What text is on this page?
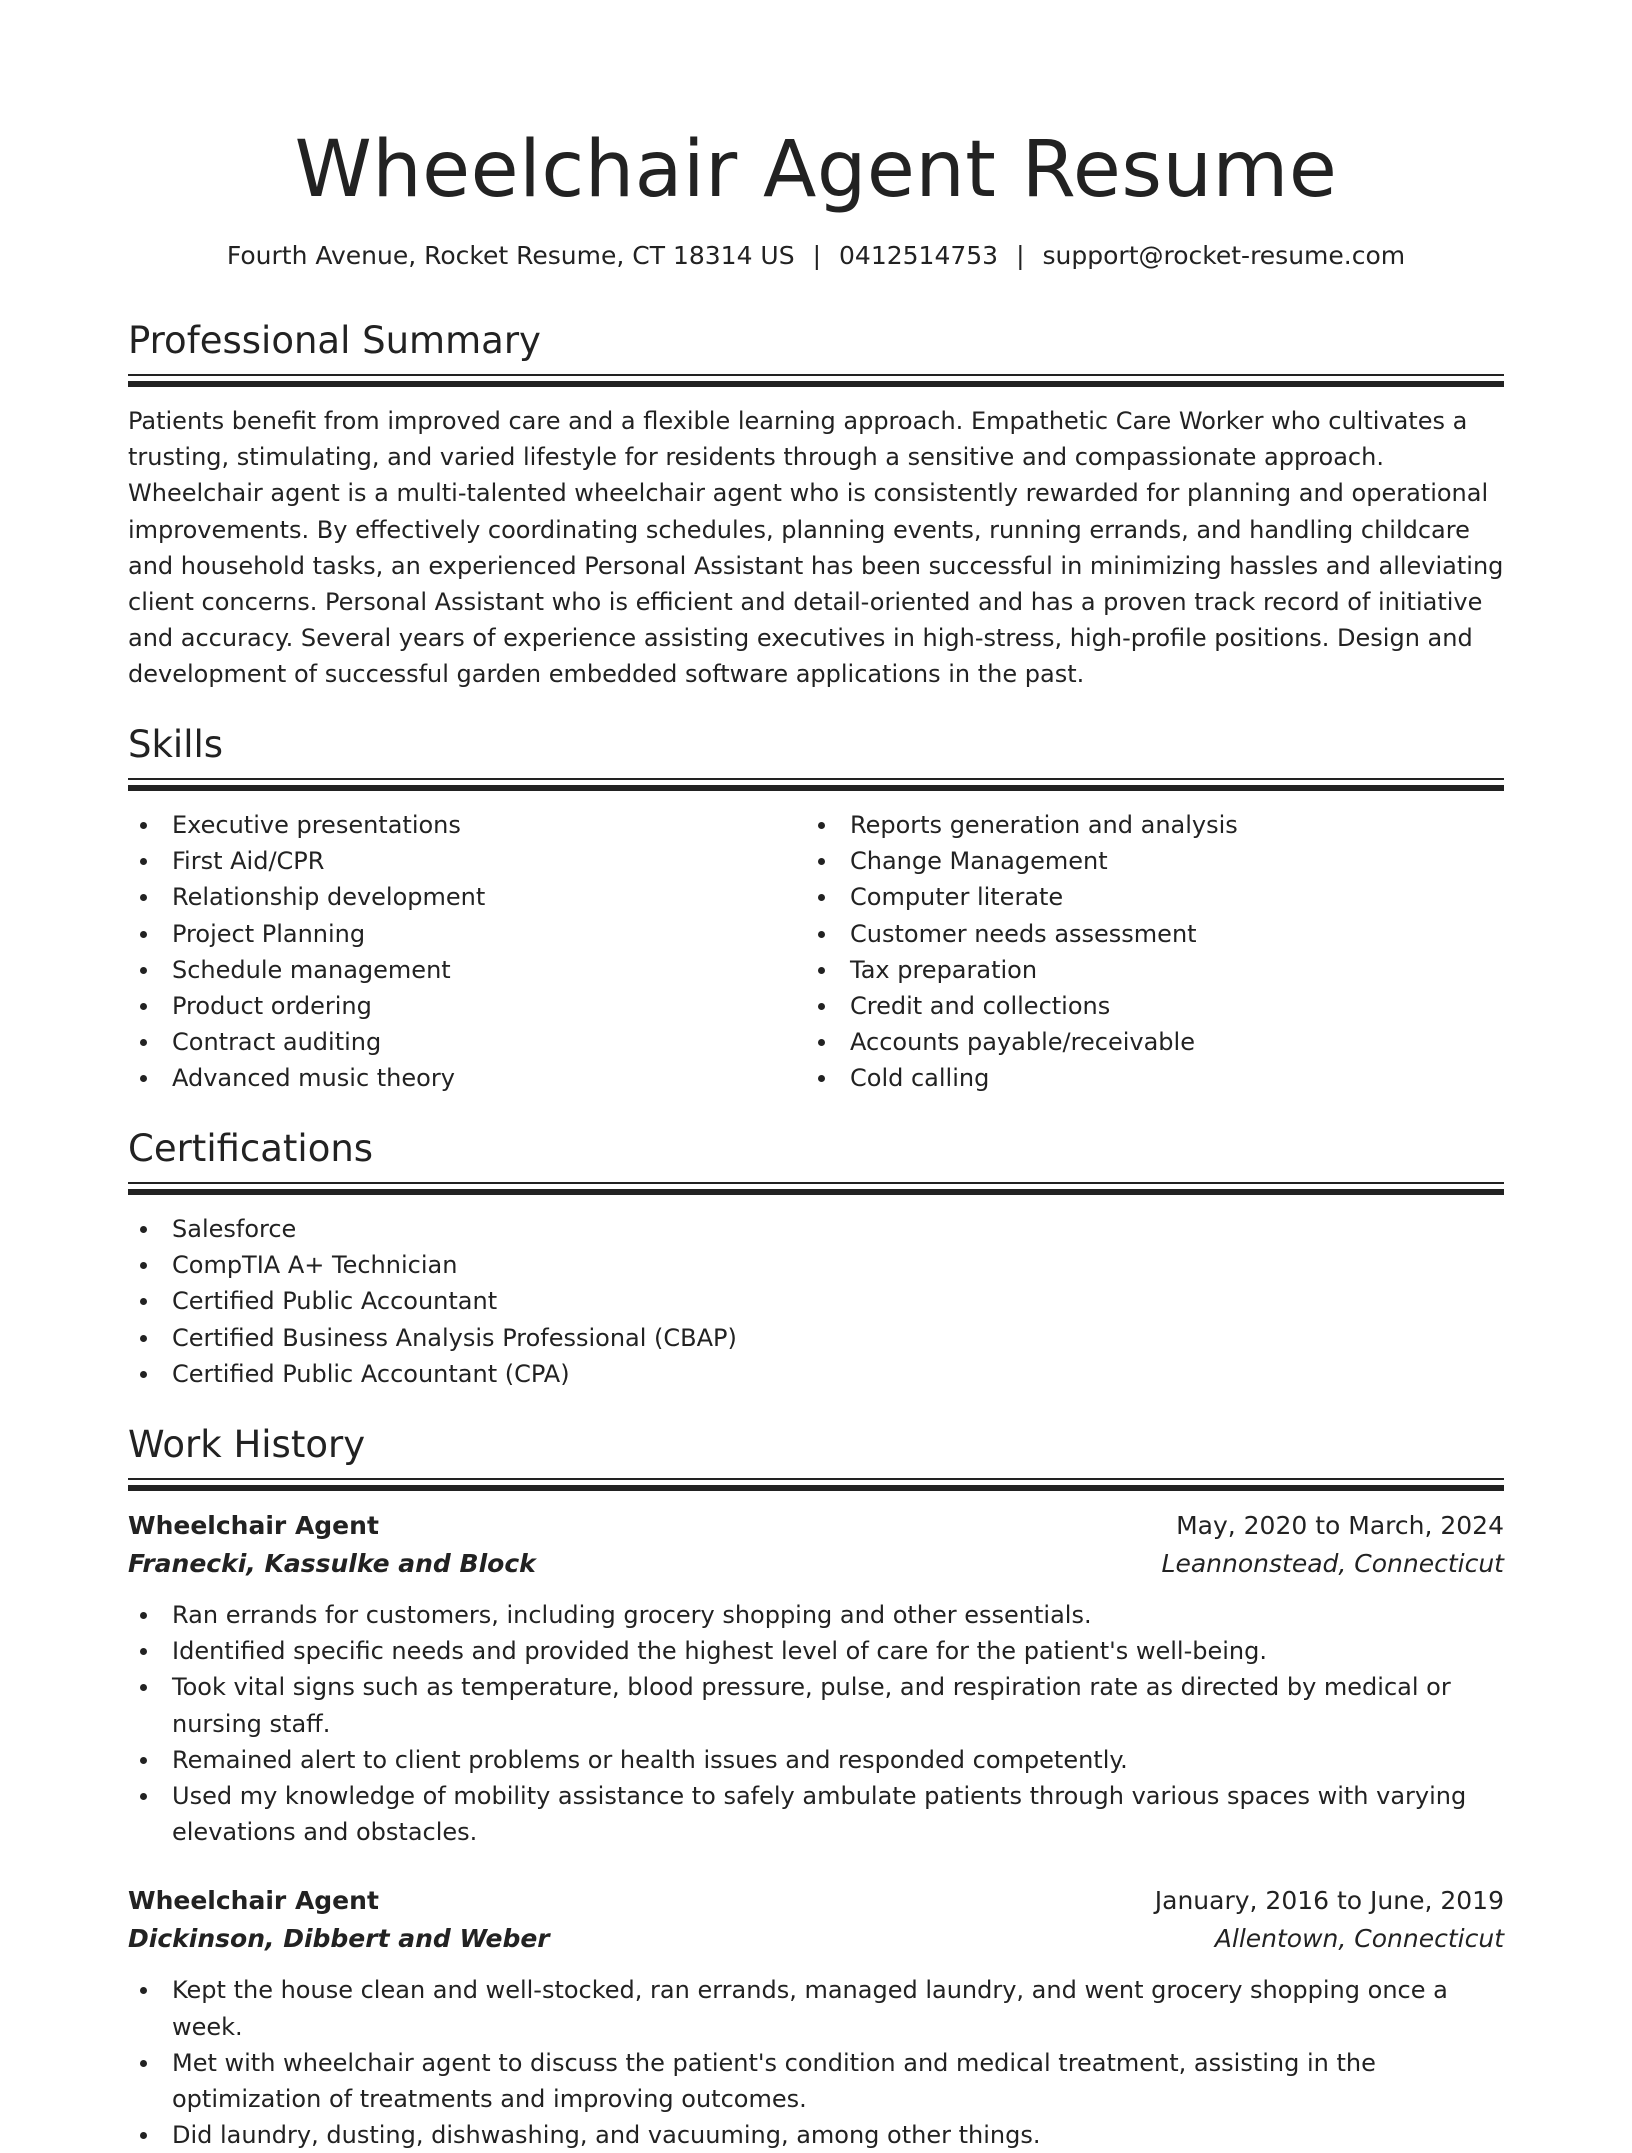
Wheelchair Agent Resume
Fourth Avenue, Rocket Resume, CT 18314 US | 0412514753 | support@rocket-resume.com
Professional Summary

Patients benefit from improved care and a flexible learning approach. Empathetic Care Worker who cultivates a trusting, stimulating, and varied lifestyle for residents through a sensitive and compassionate approach. Wheelchair agent is a multi-talented wheelchair agent who is consistently rewarded for planning and operational improvements. By effectively coordinating schedules, planning events, running errands, and handling childcare and household tasks, an experienced Personal Assistant has been successful in minimizing hassles and alleviating client concerns. Personal Assistant who is efficient and detail-oriented and has a proven track record of initiative and accuracy. Several years of experience assisting executives in high-stress, high-profile positions. Design and development of successful garden embedded software applications in the past.

Skills
Executive presentations
First Aid/CPR
Relationship development
Project Planning
Schedule management
Product ordering
Contract auditing
Advanced music theory
Reports generation and analysis
Change Management
Computer literate
Customer needs assessment
Tax preparation
Credit and collections
Accounts payable/receivable
Cold calling
Certifications
Salesforce
CompTIA A+ Technician
Certified Public Accountant
Certified Business Analysis Professional (CBAP)
Certified Public Accountant (CPA)
Work History
Wheelchair Agent	May, 2020 to March, 2024
Franecki, Kassulke and Block	Leannonstead, Connecticut
Ran errands for customers, including grocery shopping and other essentials.
Identified specific needs and provided the highest level of care for the patient's well-being.
Took vital signs such as temperature, blood pressure, pulse, and respiration rate as directed by medical or nursing staff.
Remained alert to client problems or health issues and responded competently.
Used my knowledge of mobility assistance to safely ambulate patients through various spaces with varying elevations and obstacles.
Wheelchair Agent	January, 2016 to June, 2019
Dickinson, Dibbert and Weber	Allentown, Connecticut
Kept the house clean and well-stocked, ran errands, managed laundry, and went grocery shopping once a week.
Met with wheelchair agent to discuss the patient's condition and medical treatment, assisting in the optimization of treatments and improving outcomes.
Did laundry, dusting, dishwashing, and vacuuming, among other things.
